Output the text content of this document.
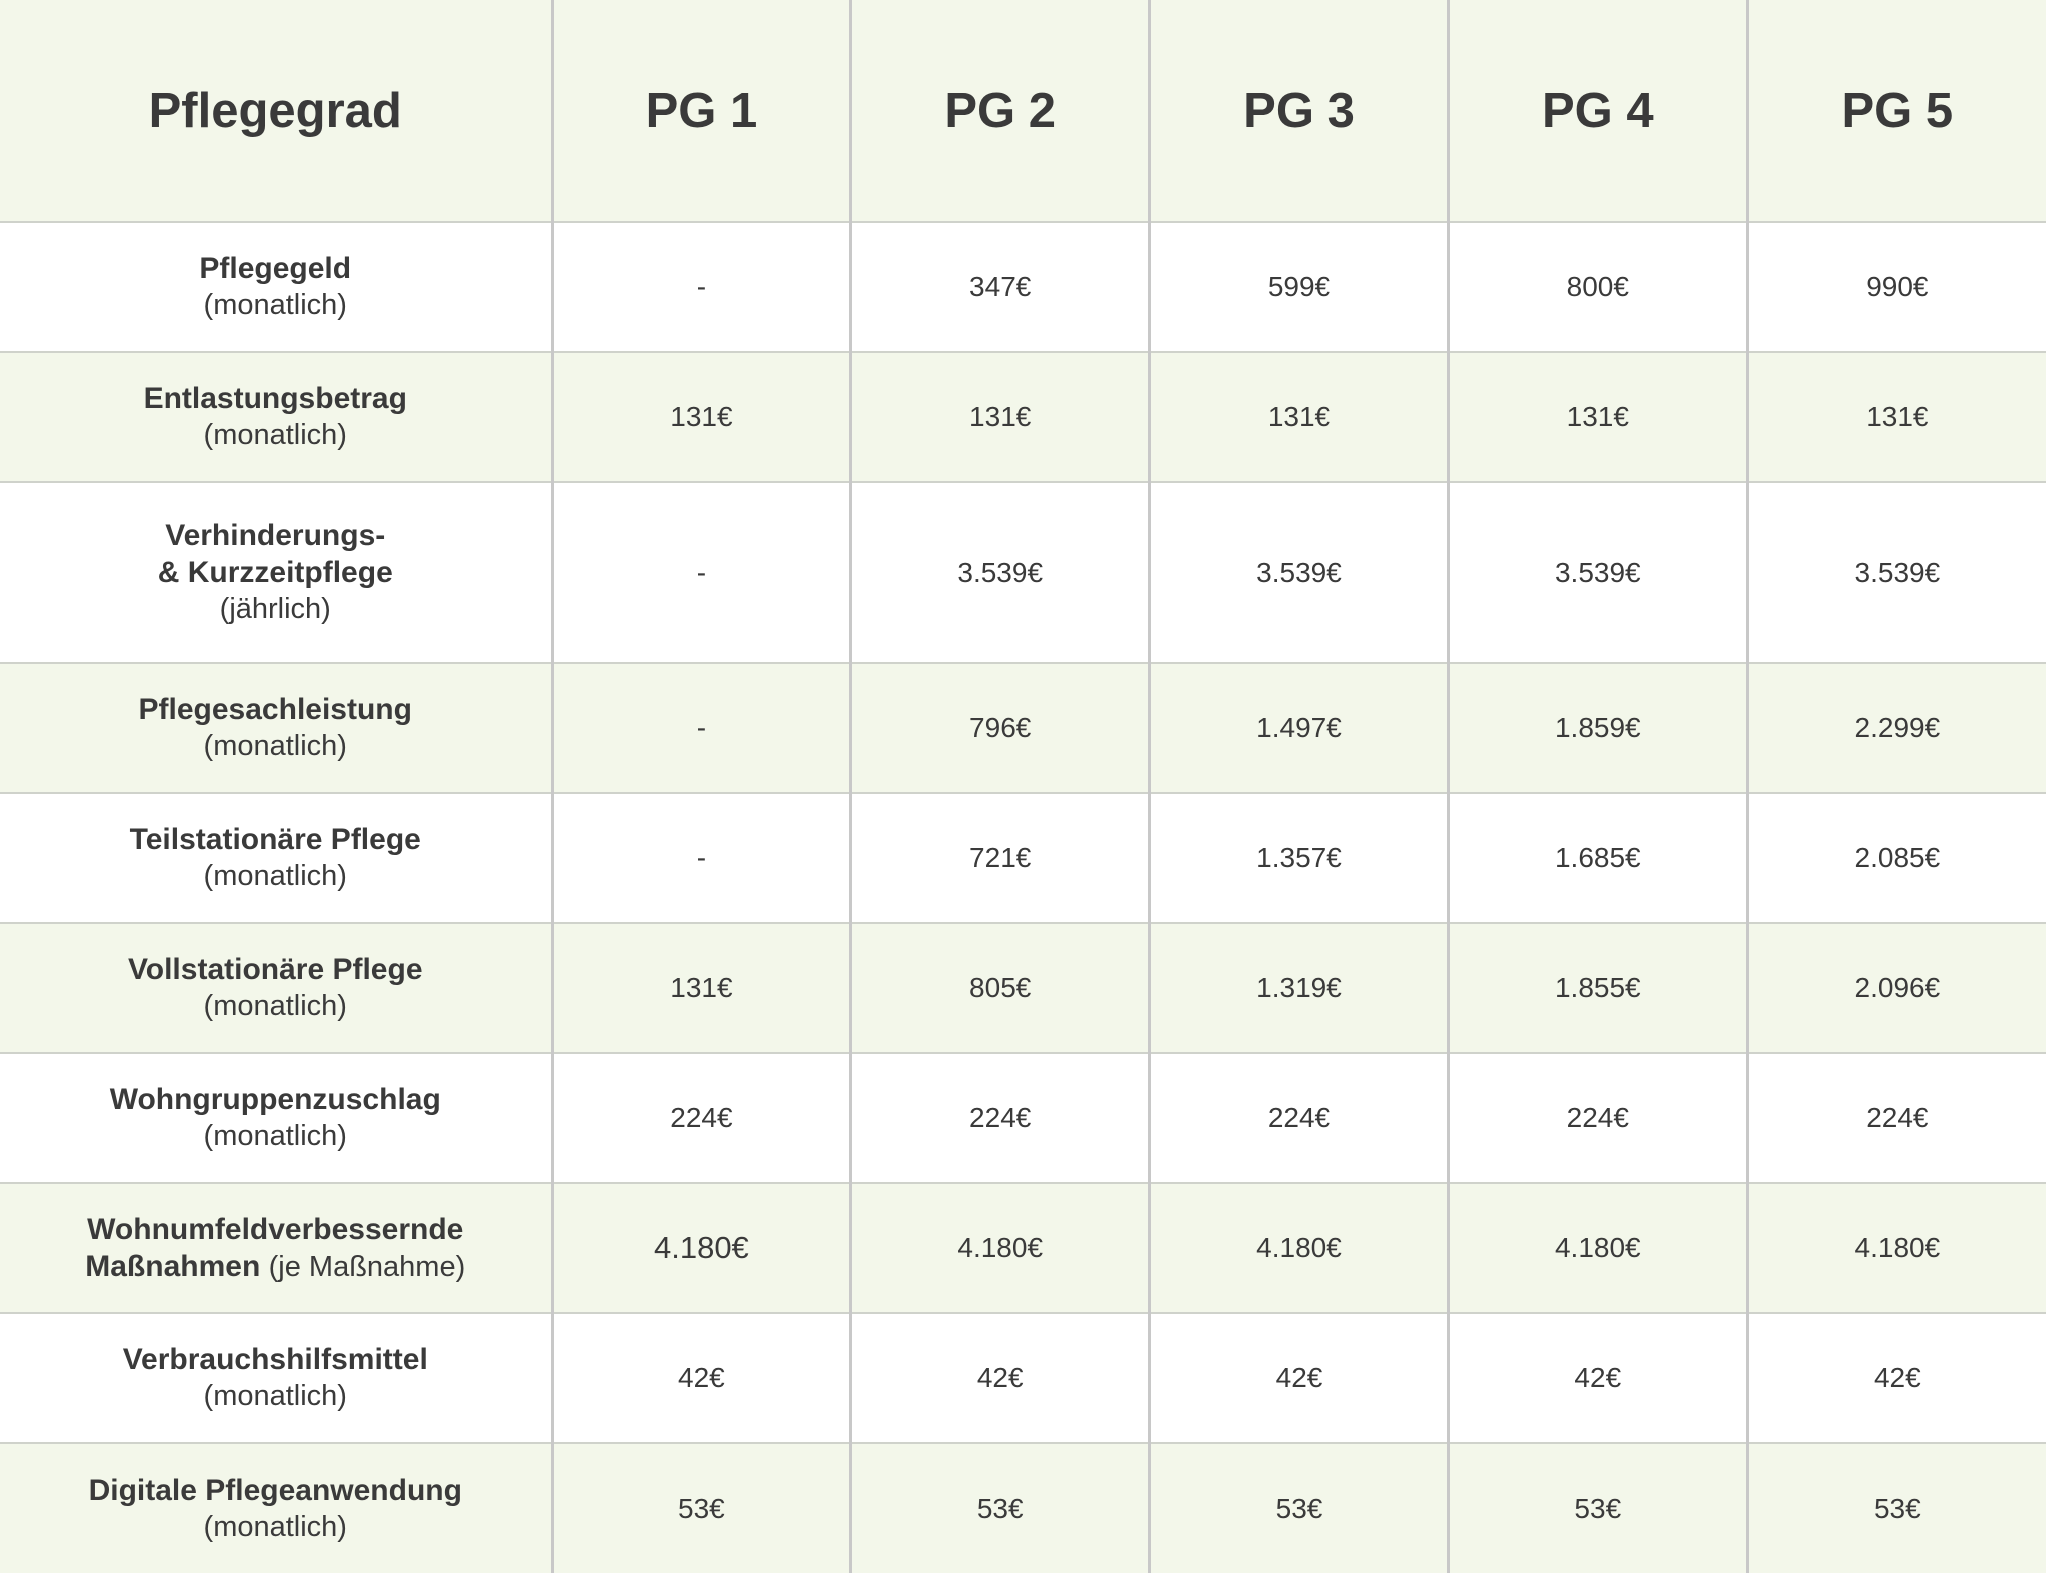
Pflegegrad	PG 1	PG 2	PG 3	PG 4	PG 5

Pflegegeld
(monatlich)	-	347€	599€	800€	990€

Entlastungsbetrag
(monatlich)	131€	131€	131€	131€	131€

Verhinderungs-
& Kurzzeitpflege
(jährlich)	-	3.539€	3.539€	3.539€	3.539€

Pflegesachleistung
(monatlich)	-	796€	1.497€	1.859€	2.299€

Teilstationäre Pflege
(monatlich)	-	721€	1.357€	1.685€	2.085€

Vollstationäre Pflege
(monatlich)	131€	805€	1.319€	1.855€	2.096€

Wohngruppenzuschlag
(monatlich)	224€	224€	224€	224€	224€

Wohnumfeldverbessernde
Maßnahmen (je Maßnahme)	4.180€	4.180€	4.180€	4.180€	4.180€

Verbrauchshilfsmittel
(monatlich)	42€	42€	42€	42€	42€

Digitale Pflegeanwendung
(monatlich)	53€	53€	53€	53€	53€
